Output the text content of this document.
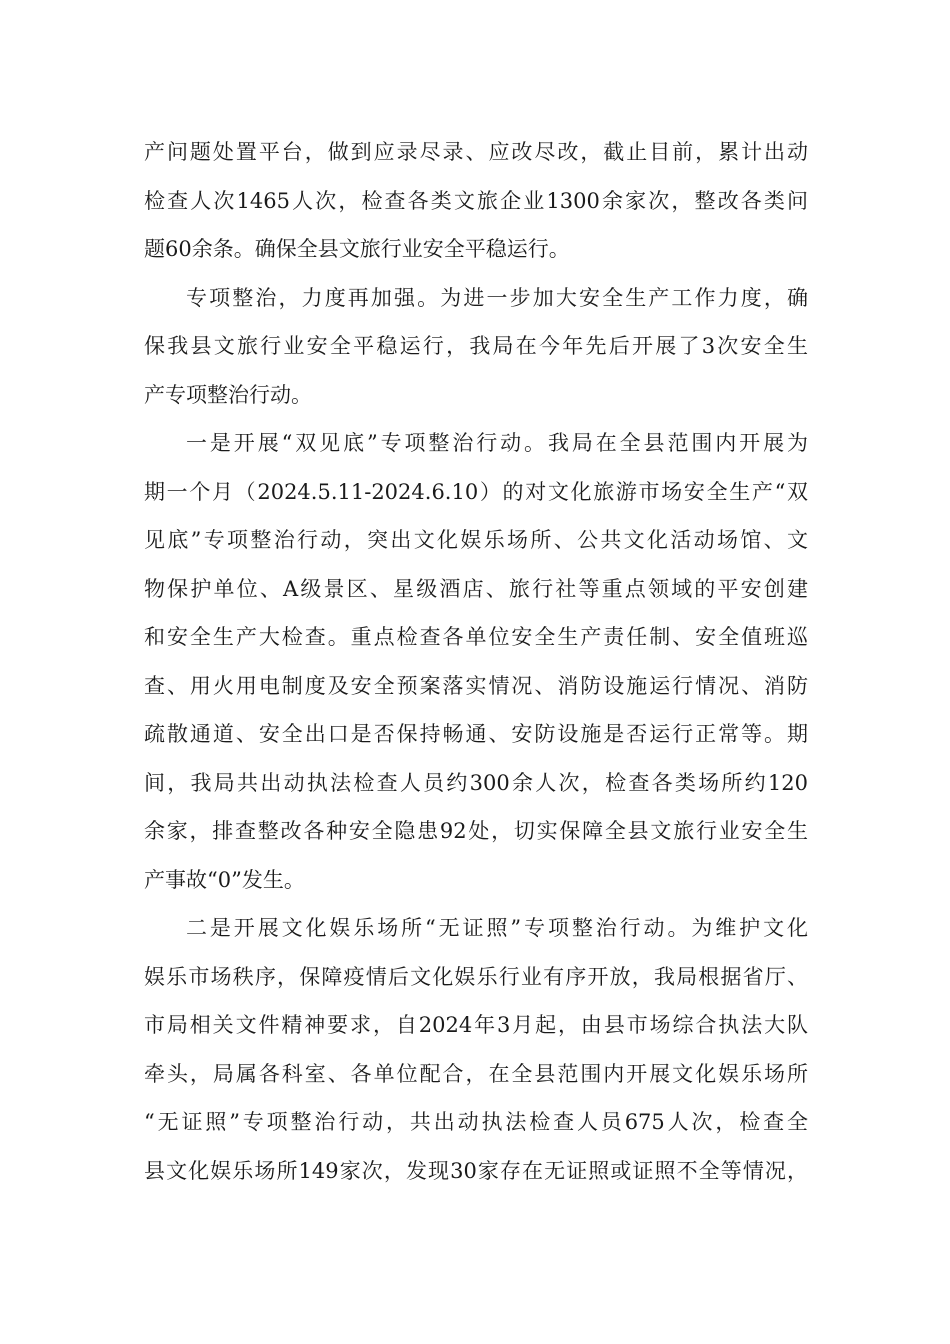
产问题处置平台，做到应录尽录、应改尽改，截止目前，累计出动
检查人次1465人次，检查各类文旅企业1300余家次，整改各类问
题60余条。确保全县文旅行业安全平稳运行。

专项整治，力度再加强。为进一步加大安全生产工作力度，确
保我县文旅行业安全平稳运行，我局在今年先后开展了3次安全生
产专项整治行动。

一是开展“双见底”专项整治行动。我局在全县范围内开展为
期一个月（2024.5.11-2024.6.10）的对文化旅游市场安全生产“双
见底”专项整治行动，突出文化娱乐场所、公共文化活动场馆、文
物保护单位、A级景区、星级酒店、旅行社等重点领域的平安创建
和安全生产大检查。重点检查各单位安全生产责任制、安全值班巡
查、用火用电制度及安全预案落实情况、消防设施运行情况、消防
疏散通道、安全出口是否保持畅通、安防设施是否运行正常等。期
间，我局共出动执法检查人员约300余人次，检查各类场所约120
余家，排查整改各种安全隐患92处，切实保障全县文旅行业安全生
产事故“0”发生。

二是开展文化娱乐场所“无证照”专项整治行动。为维护文化
娱乐市场秩序，保障疫情后文化娱乐行业有序开放，我局根据省厅、
市局相关文件精神要求，自2024年3月起，由县市场综合执法大队
牵头，局属各科室、各单位配合，在全县范围内开展文化娱乐场所
“无证照”专项整治行动，共出动执法检查人员675人次，检查全
县文化娱乐场所149家次，发现30家存在无证照或证照不全等情况，
